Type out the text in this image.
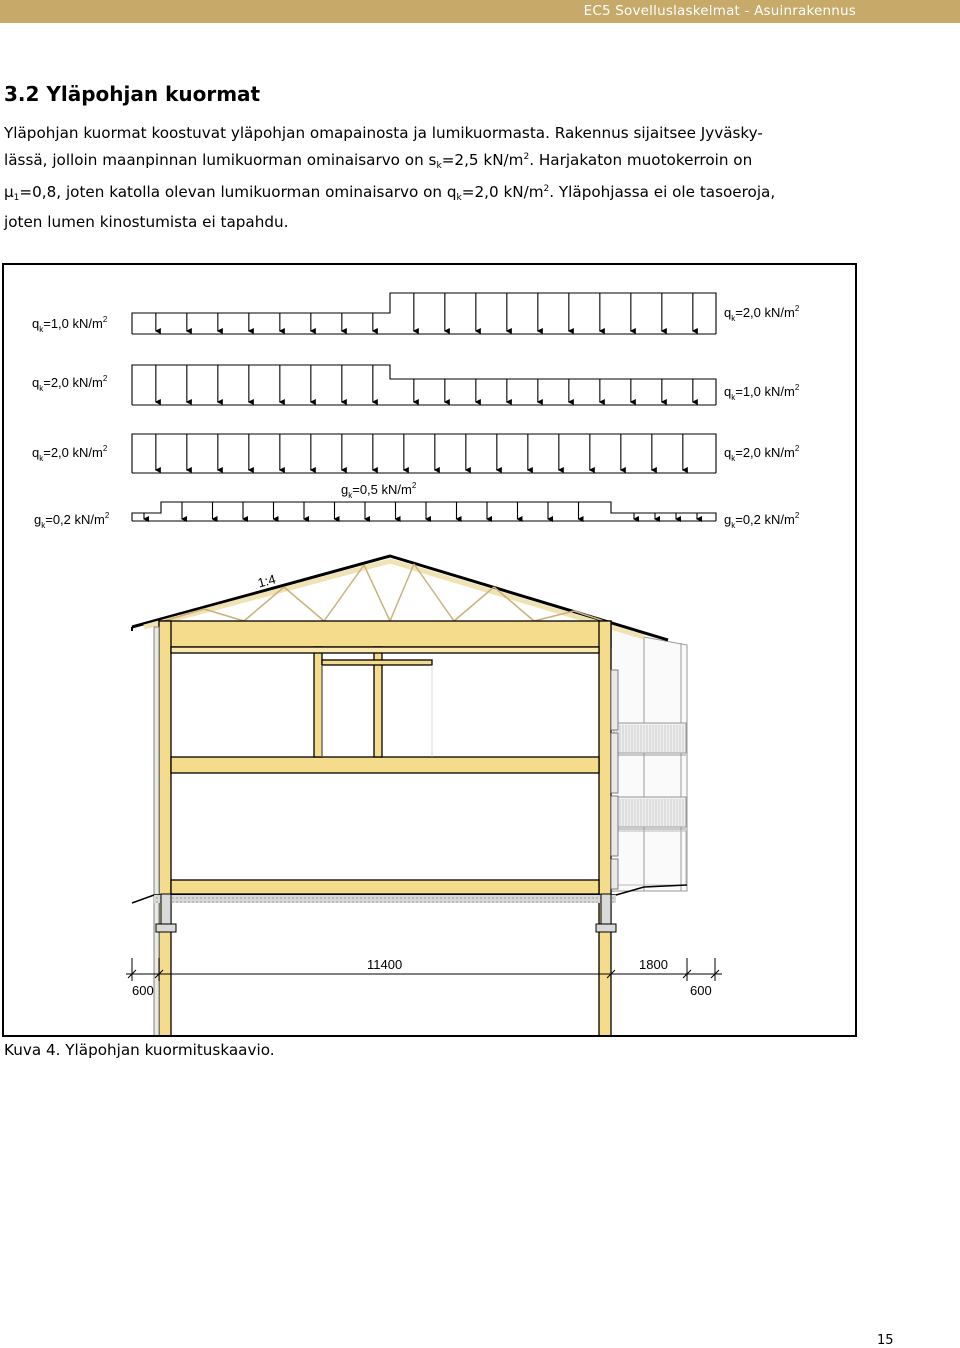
EC5 Sovelluslaskelmat - Asuinrakennus
3.2 Yläpohjan kuormat
Yläpohjan kuormat koostuvat yläpohjan omapainosta ja lumikuormasta. Rakennus sijaitsee Jyväsky-
lässä, jolloin maanpinnan lumikuorman ominaisarvo on $s_k=2,5$ $kN/m^2$. Harjakaton muotokerroin on
$\mu_1=0,8$, joten katolla olevan lumikuorman ominaisarvo on $q_k=2,0$ $kN/m^2$. Yläpohjassa ei ole tasoeroja,
joten lumen kinostumista ei tapahdu.
$q_k=1,0$ $kN/m^2$	$q_k=2,0$ $kN/m^2$
$q_k=2,0$ $kN/m^2$
$q_k=1,0$ $kN/m^2$
$q_k=2,0$ $kN/m^2$	$q_k=2,0$ $kN/m^2$
$g_k=0,5$ $kN/m^2$
$g_k=0,2$ $kN/m^2$	$g_k=0,2$ $kN/m^2$
1:4
11400	1800
600	600
Kuva 4. Yläpohjan kuormituskaavio.
15
